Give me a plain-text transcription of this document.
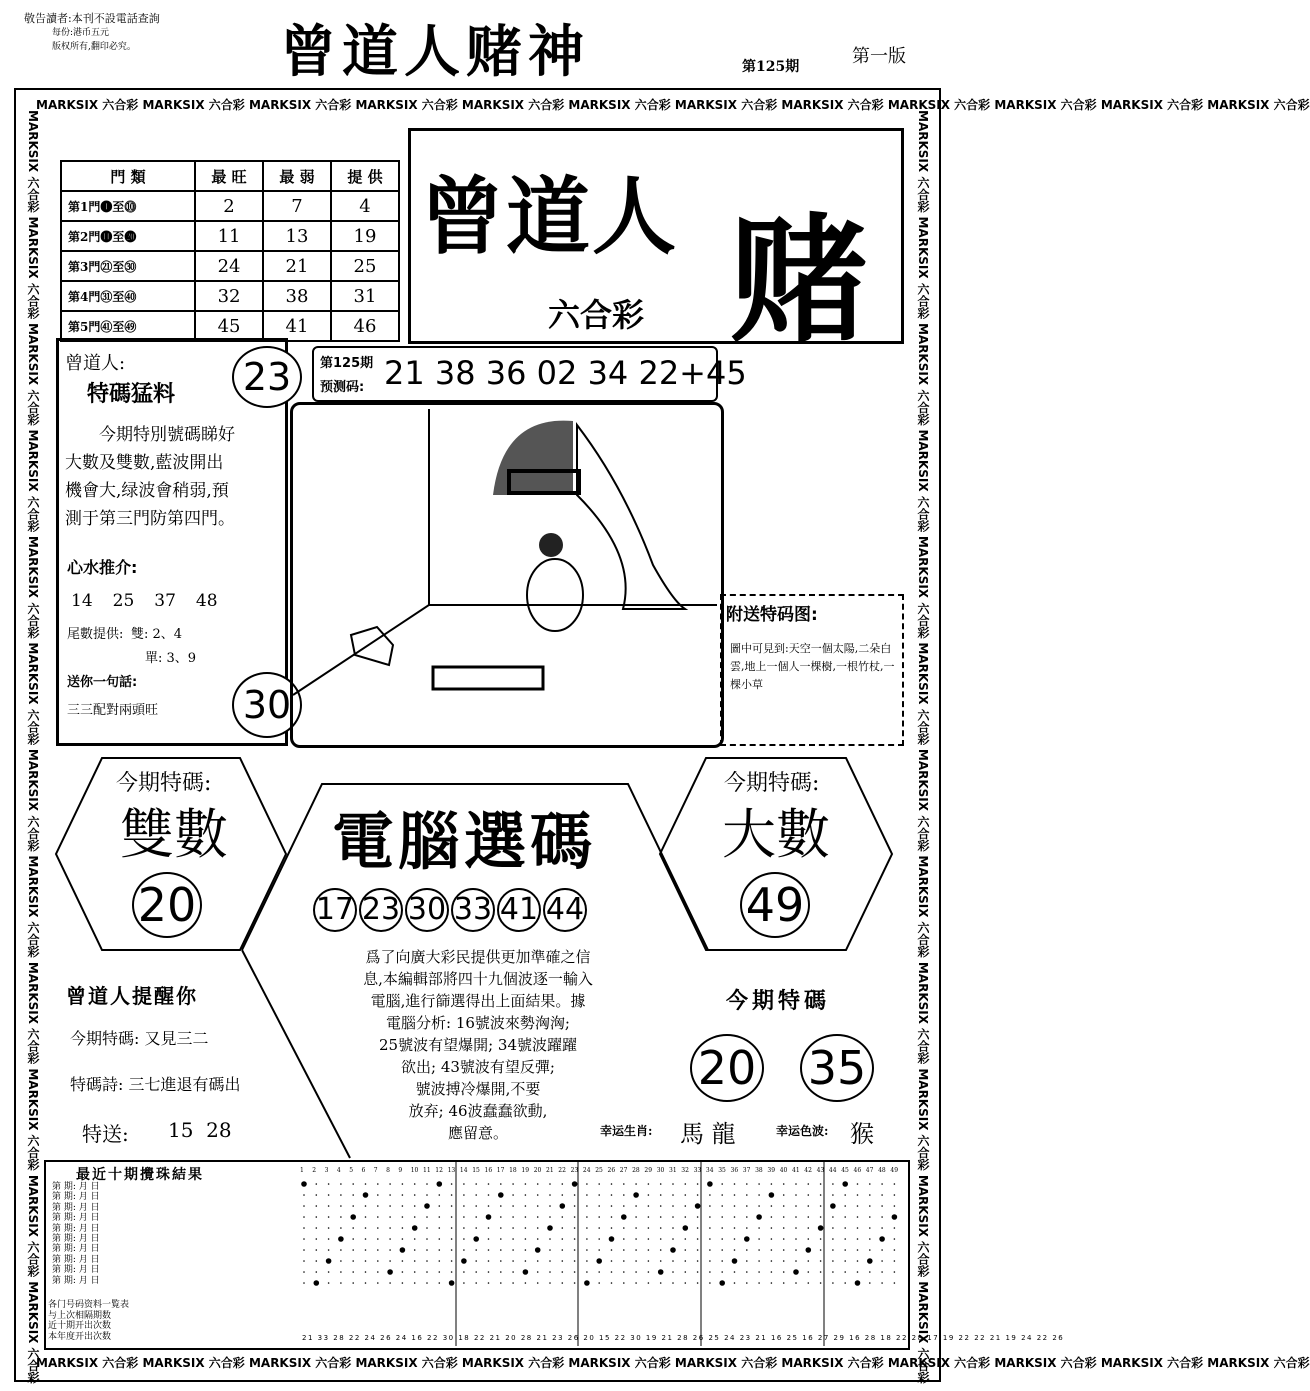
敬告讀者:本刊不設電話查詢
每份:港币五元
版权所有,翻印必究。	曾道人赌神	第125期	第一版
MARKSIX 六合彩 MARKSIX 六合彩 MARKSIX 六合彩 MARKSIX 六合彩 MARKSIX 六合彩 MARKSIX 六合彩 MARKSIX 六合彩 MARKSIX 六合彩 MARKSIX 六合彩 MARKSIX 六合彩 MARKSIX 六合彩 MARKSIX 六合彩
MARKSIX 六合彩 MARKSIX 六合彩 MARKSIX 六合彩 MARKSIX 六合彩 MARKSIX 六合彩 MARKSIX 六合彩 MARKSIX 六合彩 MARKSIX 六合彩 MARKSIX 六合彩 MARKSIX 六合彩 MARKSIX 六合彩 MARKSIX 六合彩
MARKSIX 六合彩 MARKSIX 六合彩 MARKSIX 六合彩 MARKSIX 六合彩 MARKSIX 六合彩 MARKSIX 六合彩 MARKSIX 六合彩 MARKSIX 六合彩 MARKSIX 六合彩 MARKSIX 六合彩 MARKSIX 六合彩 MARKSIX 六合彩	MARKSIX 六合彩 MARKSIX 六合彩 MARKSIX 六合彩 MARKSIX 六合彩 MARKSIX 六合彩 MARKSIX 六合彩 MARKSIX 六合彩 MARKSIX 六合彩 MARKSIX 六合彩 MARKSIX 六合彩 MARKSIX 六合彩 MARKSIX 六合彩
門 類	最 旺	最 弱	提 供
第1門❶至⓾	2	7	4
第2門⓫至⓴	11	13	19
第3門㉑至㉚	24	21	25
第4門㉛至㊵	32	38	31
第5門㊶至㊾	45	41	46
曾道人 赌
六合彩
曾道人:
特碼猛料
今期特別號碼睇好大數及雙數,藍波開出機會大,绿波會稍弱,預測于第三門防第四門。
心水推介:
14 25 37 48
尾數提供: 雙: 2、4
單: 3、9
送你一句話:
三三配對兩頭旺
23
30
第125期
预测码: 21 38 36 02 34 22+45
附送特码图:
圖中可見到:天空一個太陽,二朵白雲,地上一個人一棵樹,一根竹杖,一棵小草
今期特碼:
雙數
20
今期特碼:
大數
49
電腦選碼
17 23 30 33 41 44
爲了向廣大彩民提供更加準確之信
息,本編輯部將四十九個波逐一輸入
電腦,進行篩選得出上面結果。據
電腦分析: 16號波來勢洶洶;
25號波有望爆開; 34號波躍躍
欲出; 43號波有望反彈;
號波搏冷爆開,不要
放弃; 46波蠢蠢欲動,
應留意。
曾道人提醒你
今期特碼: 又見三二
特碼詩: 三七進退有碼出
特送: 15  28
今期特碼
20 35
幸运生肖: 馬 龍	幸运色波: 猴
最近十期攪珠結果
第 期: 月 日
第 期: 月 日
第 期: 月 日
第 期: 月 日
第 期: 月 日
第 期: 月 日
第 期: 月 日
第 期: 月 日
第 期: 月 日
第 期: 月 日
各门号码资料一覧表
与上次相隔期数
近十期开出次数
本年度开出次数
1 2 3 4 5 6 7 8 9 10 11 12 13 14 15 16 17 18 19 20 21 22 23 24 25 26 27 28 29 30 31 32 33 34 35 36 37 38 39 40 41 42 43 44 45 46 47 48 49
21 33 28 22 24 26 24 16 22 30 18 22 21 20 28 21 23 26 20 15 22 30 19 21 28 26 25 24 23 21 16 25 16 27 29 16 28 18 22 28 17 19 22 22 21 19 24 22 26
